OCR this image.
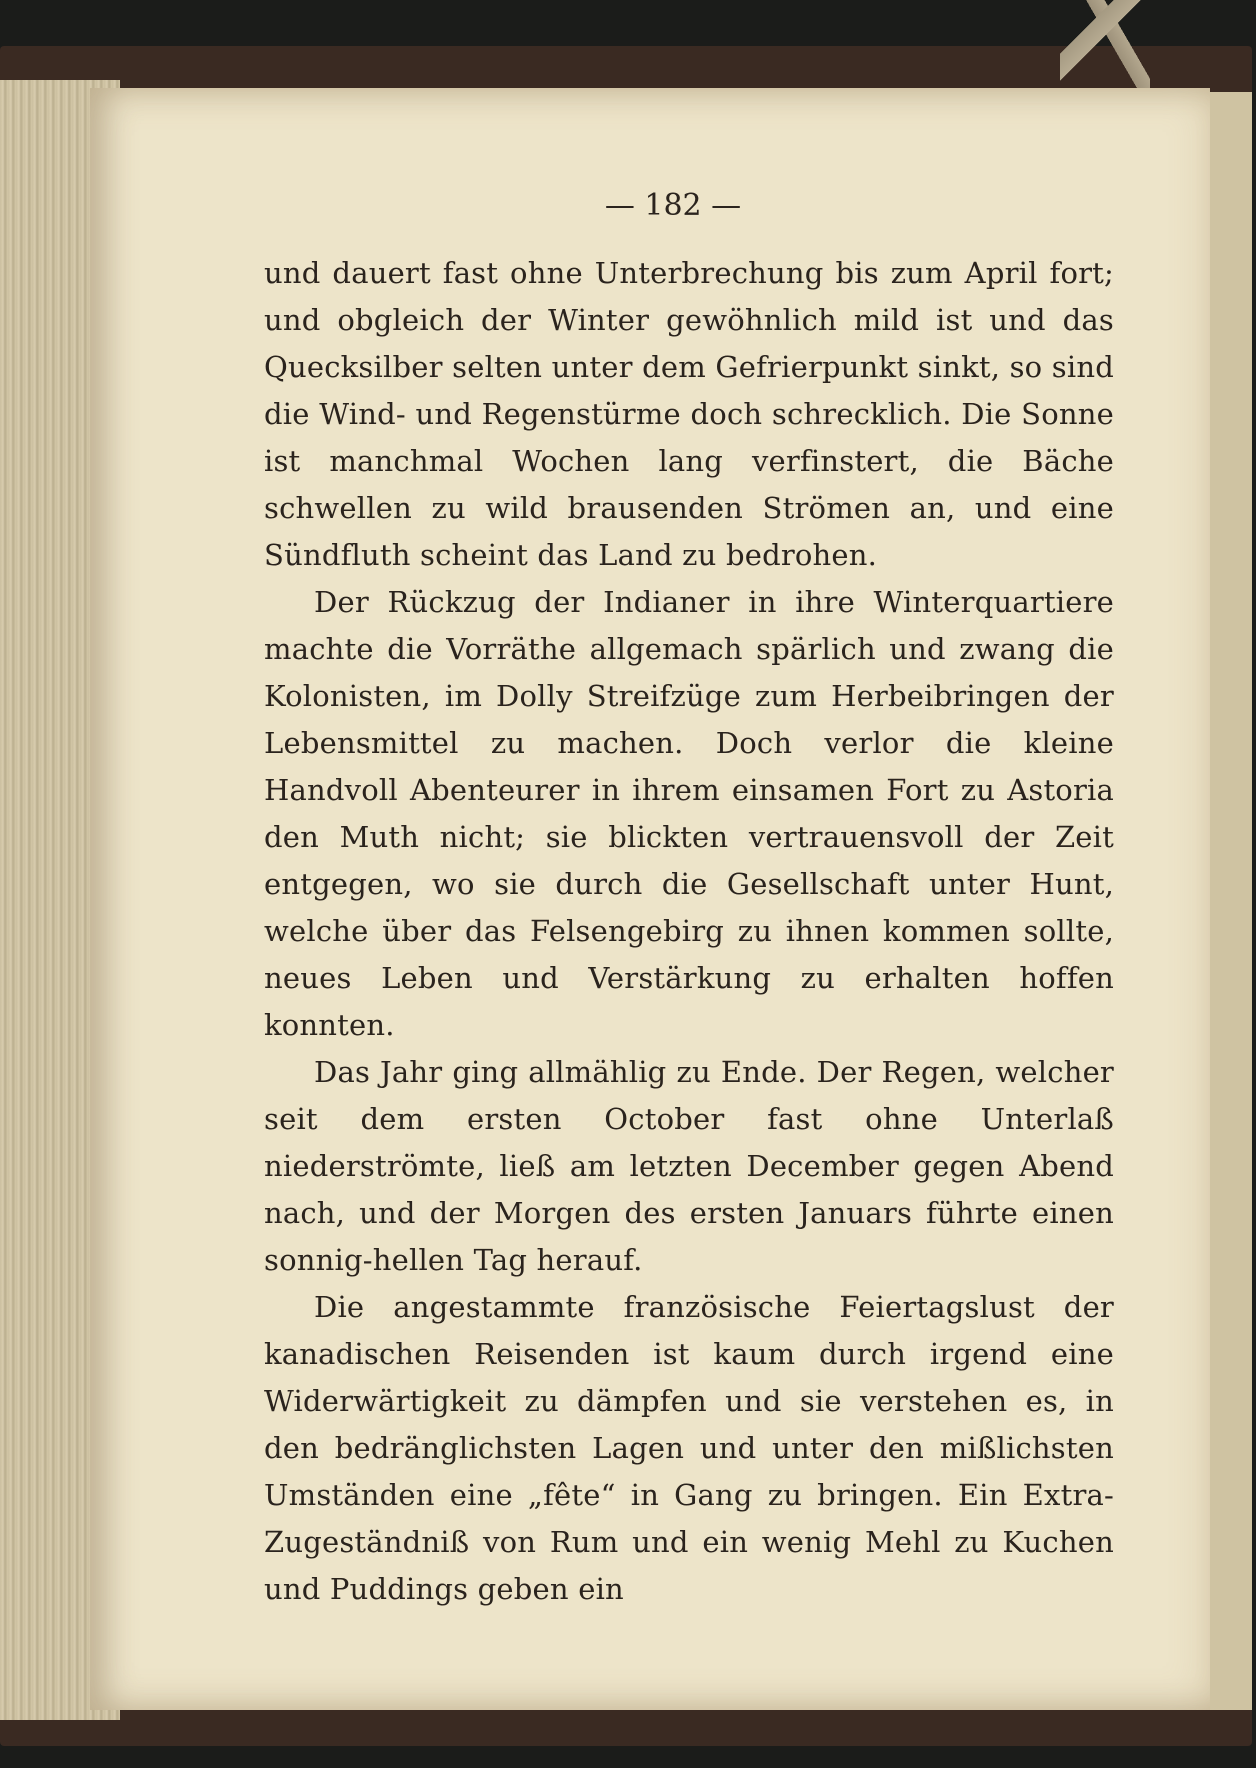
— 182 —

und dauert fast ohne Unterbrechung bis zum April fort; und obgleich der Winter gewöhnlich mild ist und das Quecksilber selten unter dem Gefrierpunkt sinkt, so sind die Wind- und Regenstürme doch schrecklich. Die Sonne ist manchmal Wochen lang verfinstert, die Bäche schwellen zu wild brausenden Strömen an, und eine Sündfluth scheint das Land zu bedrohen.

Der Rückzug der Indianer in ihre Winterquartiere machte die Vorräthe allgemach spärlich und zwang die Kolonisten, im Dolly Streifzüge zum Herbeibringen der Lebensmittel zu machen. Doch verlor die kleine Handvoll Abenteurer in ihrem einsamen Fort zu Astoria den Muth nicht; sie blickten vertrauensvoll der Zeit entgegen, wo sie durch die Gesellschaft unter Hunt, welche über das Felsengebirg zu ihnen kommen sollte, neues Leben und Verstärkung zu erhalten hoffen konnten.

Das Jahr ging allmählig zu Ende. Der Regen, welcher seit dem ersten October fast ohne Unterlaß niederströmte, ließ am letzten December gegen Abend nach, und der Morgen des ersten Januars führte einen sonnig-hellen Tag herauf.

Die angestammte französische Feiertagslust der kanadischen Reisenden ist kaum durch irgend eine Widerwärtigkeit zu dämpfen und sie verstehen es, in den bedränglichsten Lagen und unter den mißlichsten Umständen eine „fête“ in Gang zu bringen. Ein Extra-Zugeständniß von Rum und ein wenig Mehl zu Kuchen und Puddings geben ein
